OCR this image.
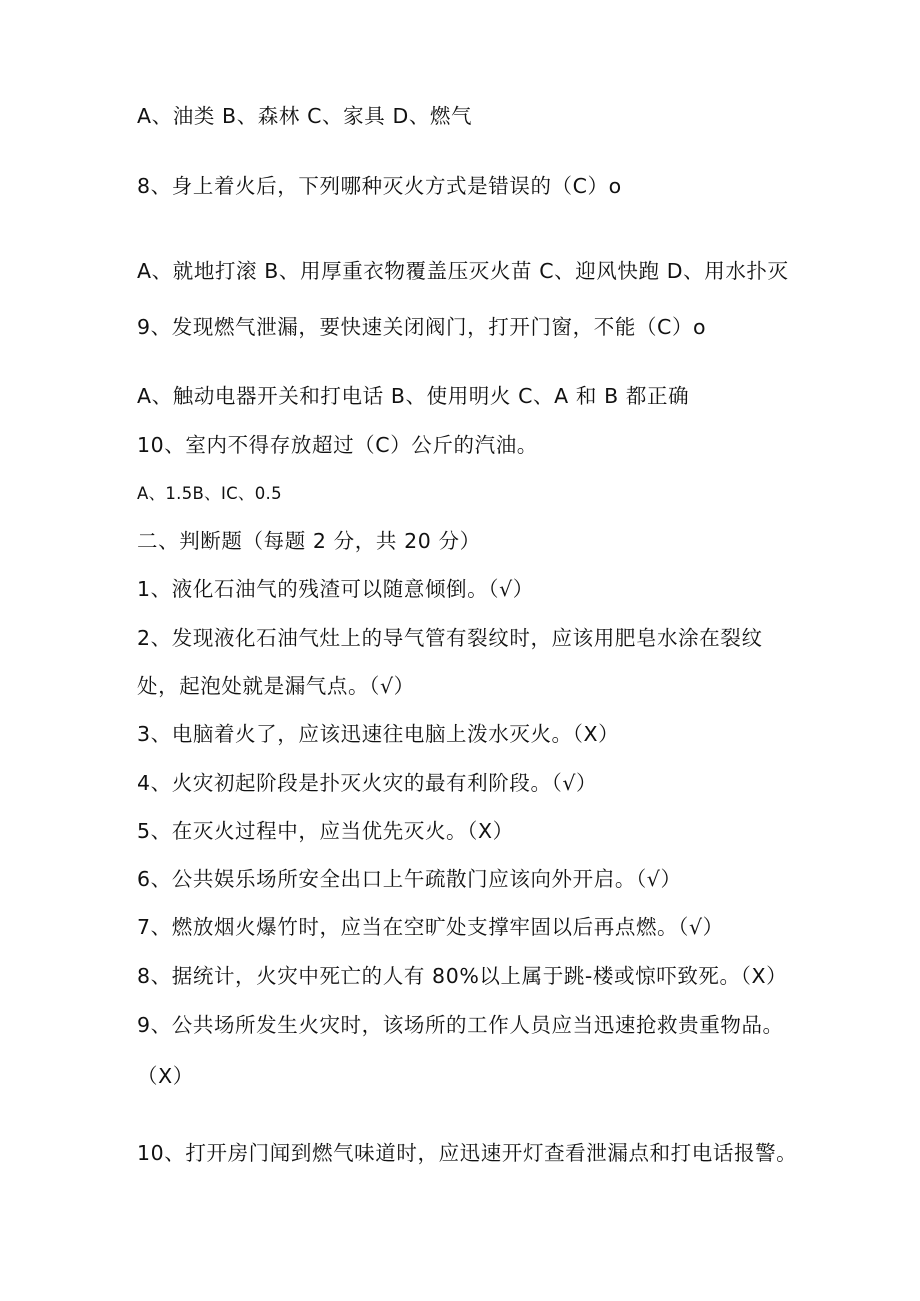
A、油类 B、森林 C、家具 D、燃气
8、身上着火后，下列哪种灭火方式是错误的（C）o
A、就地打滚 B、用厚重衣物覆盖压灭火苗 C、迎风快跑 D、用水扑灭
9、发现燃气泄漏，要快速关闭阀门，打开门窗，不能（C）o
A、触动电器开关和打电话 B、使用明火 C、A 和 B 都正确
10、室内不得存放超过（C）公斤的汽油。
A、1.5B、IC、0.5
二、判断题（每题 2 分，共 20 分）
1、液化石油气的残渣可以随意倾倒。（√）
2、发现液化石油气灶上的导气管有裂纹时，应该用肥皂水涂在裂纹
处，起泡处就是漏气点。（√）
3、电脑着火了，应该迅速往电脑上泼水灭火。（X）
4、火灾初起阶段是扑灭火灾的最有利阶段。（√）
5、在灭火过程中，应当优先灭火。（X）
6、公共娱乐场所安全出口上午疏散门应该向外开启。（√）
7、燃放烟火爆竹时，应当在空旷处支撑牢固以后再点燃。（√）
8、据统计，火灾中死亡的人有 80%以上属于跳-楼或惊吓致死。（X）
9、公共场所发生火灾时，该场所的工作人员应当迅速抢救贵重物品。
（X）
10、打开房门闻到燃气味道时，应迅速开灯查看泄漏点和打电话报警。
